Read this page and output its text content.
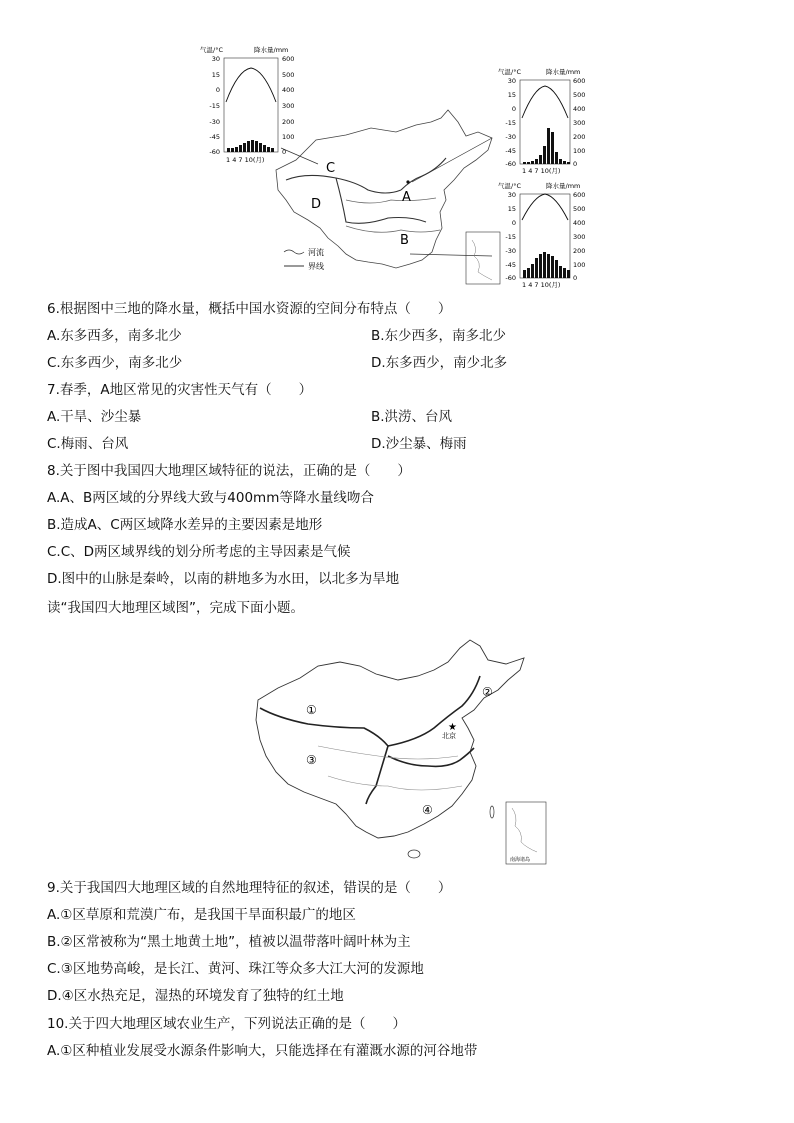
C
D	A
B
河流
界线
气温/°C	降水量/mm
30
15
0
-15
-30
-45
-60
600
500
400
300
200
100
0
1 4 7 10(月)
气温/°C	降水量/mm
30
15
0
-15
-30
-45
-60
600
500
400
300
200
100
0
1 4 7 10(月)
气温/°C	降水量/mm
30
15
0
-15
-30
-45
-60
600
500
400
300
200
100
0
1 4 7 10(月)
6.根据图中三地的降水量，概括中国水资源的空间分布特点（　　）
A.东多西多，南多北少	B.东少西多，南多北少
C.东多西少，南多北少	D.东多西少，南少北多
7.春季，A地区常见的灾害性天气有（　　）
A.干旱、沙尘暴	B.洪涝、台风
C.梅雨、台风	D.沙尘暴、梅雨
8.关于图中我国四大地理区域特征的说法，正确的是（　　）
A.A、B两区域的分界线大致与400mm等降水量线吻合
B.造成A、C两区域降水差异的主要因素是地形
C.C、D两区域界线的划分所考虑的主导因素是气候
D.图中的山脉是秦岭，以南的耕地多为水田，以北多为旱地
读“我国四大地理区域图”，完成下面小题。
①
②
③
④
★
北京
南海诸岛
9.关于我国四大地理区域的自然地理特征的叙述，错误的是（　　）
A.①区草原和荒漠广布，是我国干旱面积最广的地区
B.②区常被称为“黑土地黄土地”，植被以温带落叶阔叶林为主
C.③区地势高峻，是长江、黄河、珠江等众多大江大河的发源地
D.④区水热充足，湿热的环境发育了独特的红土地
10.关于四大地理区域农业生产，下列说法正确的是（　　）
A.①区种植业发展受水源条件影响大，只能选择在有灌溉水源的河谷地带
